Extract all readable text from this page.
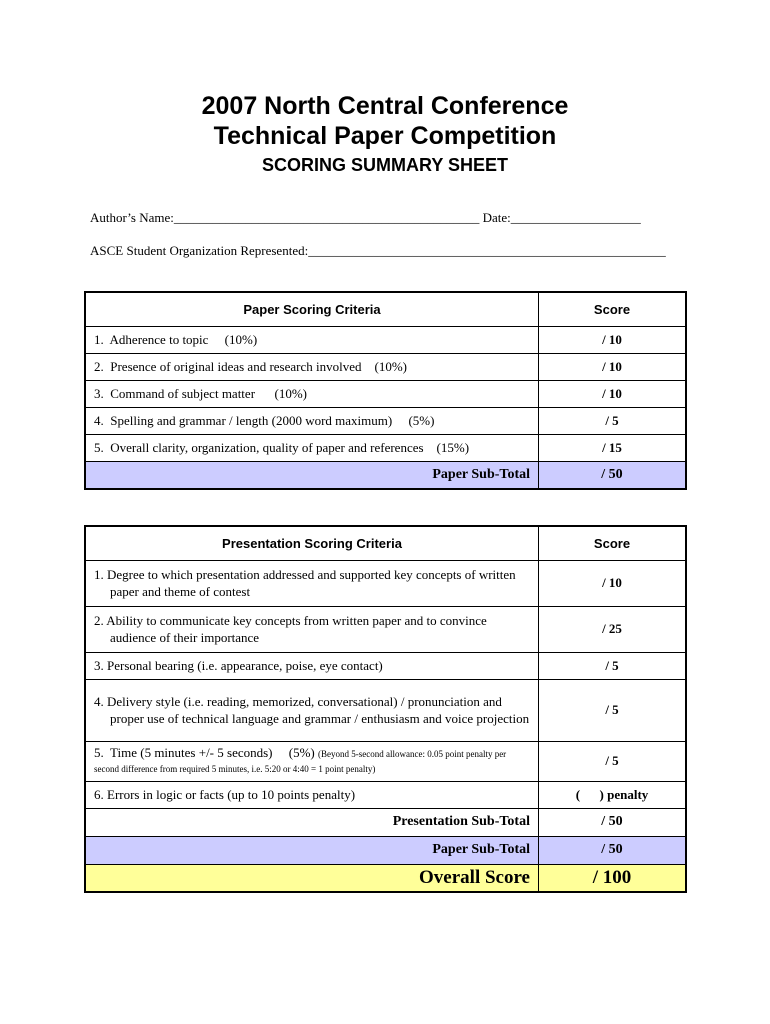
2007 North Central Conference
Technical Paper Competition
SCORING SUMMARY SHEET
Author’s Name:_______________________________________________ Date:____________________
ASCE Student Organization Represented:_______________________________________________________
Paper Scoring Criteria	Score
1.  Adherence to topic     (10%)	/ 10
2.  Presence of original ideas and research involved    (10%)	/ 10
3.  Command of subject matter      (10%)	/ 10
4.  Spelling and grammar / length (2000 word maximum)     (5%)	/ 5
5.  Overall clarity, organization, quality of paper and references    (15%)	/ 15
Paper Sub-Total	/ 50
Presentation Scoring Criteria	Score
1. Degree to which presentation addressed and supported key concepts of written paper and theme of contest	/ 10
2. Ability to communicate key concepts from written paper and to convince audience of their importance	/ 25
3. Personal bearing (i.e. appearance, poise, eye contact)	/ 5
4. Delivery style (i.e. reading, memorized, conversational) / pronunciation and proper use of technical language and grammar / enthusiasm and voice projection	/ 5
5.  Time (5 minutes +/- 5 seconds)     (5%) (Beyond 5-second allowance: 0.05 point penalty per second difference from required 5 minutes, i.e. 5:20 or 4:40 = 1 point penalty)	/ 5
6. Errors in logic or facts (up to 10 points penalty)	(      ) penalty
Presentation Sub-Total	/ 50
Paper Sub-Total	/ 50
Overall Score	/ 100
